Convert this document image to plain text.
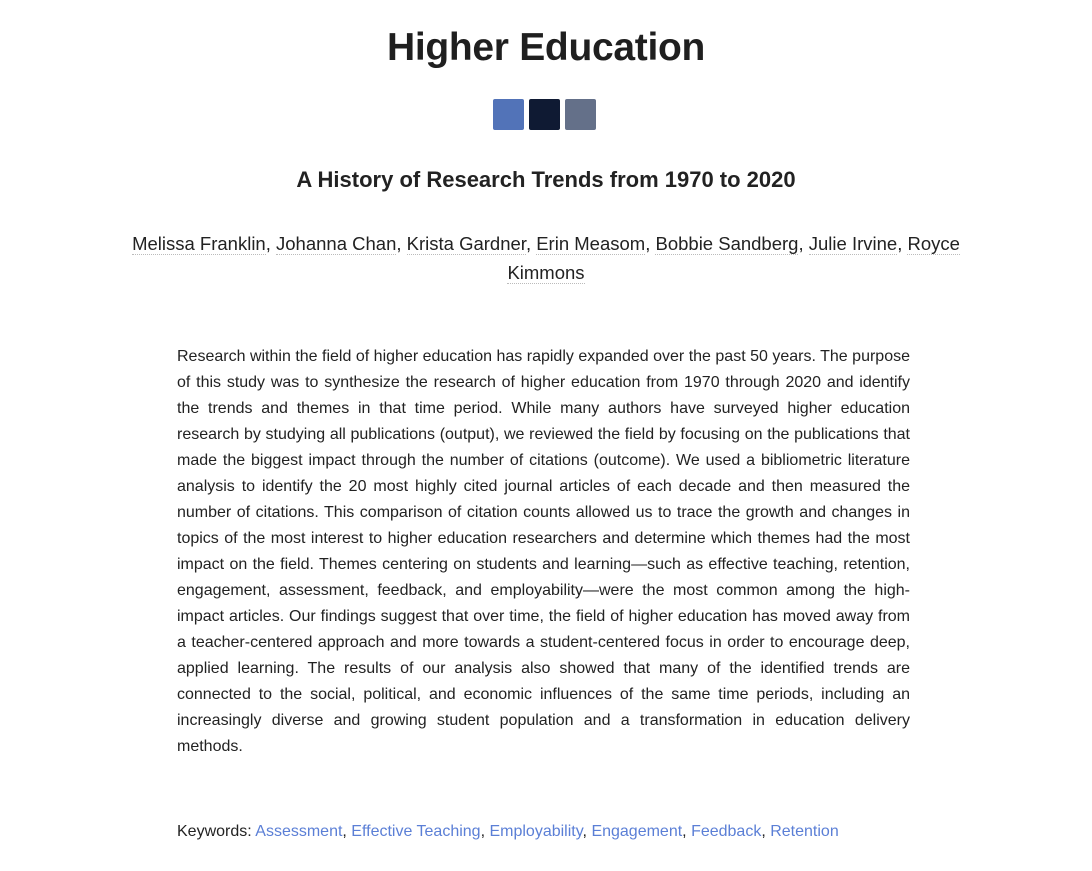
Higher Education
A History of Research Trends from 1970 to 2020
Melissa Franklin, Johanna Chan, Krista Gardner, Erin Measom, Bobbie Sandberg, Julie Irvine, Royce Kimmons

Research within the field of higher education has rapidly expanded over the past 50 years. The purpose of this study was to synthesize the research of higher education from 1970 through 2020 and identify the trends and themes in that time period. While many authors have surveyed higher education research by studying all publications (output), we reviewed the field by focusing on the publications that made the biggest impact through the number of citations (outcome). We used a bibliometric literature analysis to identify the 20 most highly cited journal articles of each decade and then measured the number of citations. This comparison of citation counts allowed us to trace the growth and changes in topics of the most interest to higher education researchers and determine which themes had the most impact on the field. Themes centering on students and learning—such as effective teaching, retention, engagement, assessment, feedback, and employability—were the most common among the high-impact articles. Our findings suggest that over time, the field of higher education has moved away from a teacher-centered approach and more towards a student-centered focus in order to encourage deep, applied learning. The results of our analysis also showed that many of the identified trends are connected to the social, political, and economic influences of the same time periods, including an increasingly diverse and growing student population and a transformation in education delivery methods.

Keywords: Assessment, Effective Teaching, Employability, Engagement, Feedback, Retention
